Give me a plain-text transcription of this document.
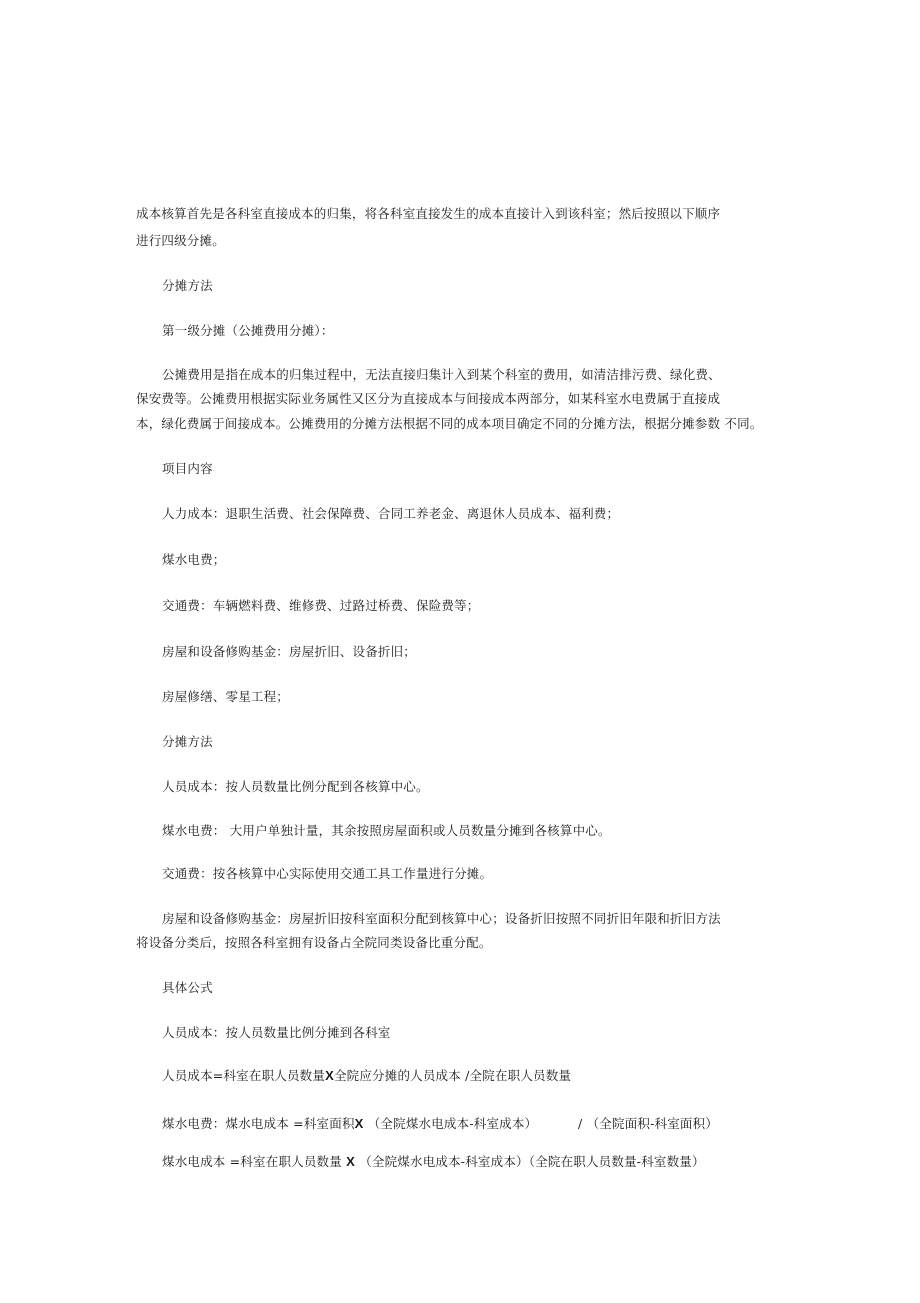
成本核算首先是各科室直接成本的归集，将各科室直接发生的成本直接计入到该科室；然后按照以下顺序
进行四级分摊。
分摊方法
第一级分摊（公摊费用分摊）：
公摊费用是指在成本的归集过程中，无法直接归集计入到某个科室的费用，如清洁排污费、绿化费、
保安费等。公摊费用根据实际业务属性又区分为直接成本与间接成本两部分，如某科室水电费属于直接成
本，绿化费属于间接成本。公摊费用的分摊方法根据不同的成本项目确定不同的分摊方法，根据分摊参数 不同。
项目内容
人力成本：退职生活费、社会保障费、合同工养老金、离退休人员成本、福利费；
煤水电费；
交通费：车辆燃料费、维修费、过路过桥费、保险费等；
房屋和设备修购基金：房屋折旧、设备折旧；
房屋修缮、零星工程；
分摊方法
人员成本：按人员数量比例分配到各核算中心。
煤水电费： 大用户单独计量，其余按照房屋面积或人员数量分摊到各核算中心。
交通费：按各核算中心实际使用交通工具工作量进行分摊。
房屋和设备修购基金：房屋折旧按科室面积分配到核算中心；设备折旧按照不同折旧年限和折旧方法
将设备分类后，按照各科室拥有设备占全院同类设备比重分配。
具体公式
人员成本：按人员数量比例分摊到各科室
人员成本=科室在职人员数量X全院应分摊的人员成本 /全院在职人员数量
煤水电费：煤水电成本 =科室面积X （全院煤水电成本-科室成本）	/ （全院面积-科室面积）
煤水电成本 =科室在职人员数量 X （全院煤水电成本-科室成本）（全院在职人员数量-科室数量）
